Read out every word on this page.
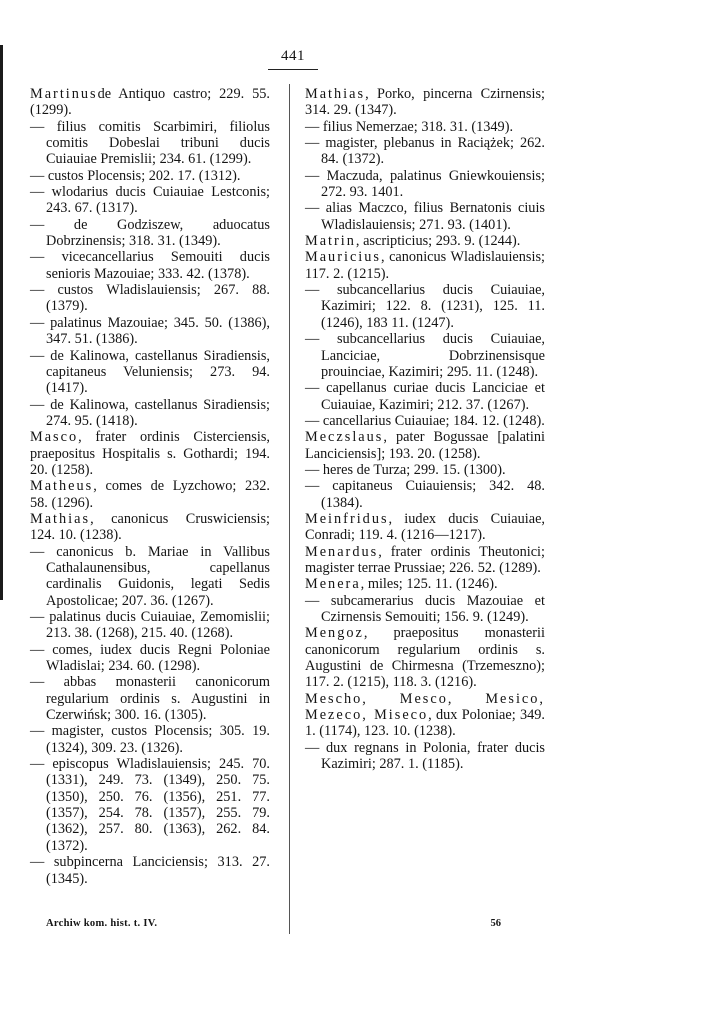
441
Martinusde Antiquo castro; 229. 55. (1299).
— filius comitis Scarbimiri, filiolus comitis Dobeslai tribuni ducis Cuiauiae Premislii; 234. 61. (1299).
— custos Plocensis; 202. 17. (1312).
— wlodarius ducis Cuiauiae Lestconis; 243. 67. (1317).
— de Godziszew, aduocatus Dobrzinensis; 318. 31. (1349).
— vicecancellarius Semouiti ducis senioris Mazouiae; 333. 42. (1378).
— custos Wladislauiensis; 267. 88. (1379).
— palatinus Mazouiae; 345. 50. (1386), 347. 51. (1386).
— de Kalinowa, castellanus Siradiensis, capitaneus Veluniensis; 273. 94. (1417).
— de Kalinowa, castellanus Siradiensis; 274. 95. (1418).
Masco, frater ordinis Cisterciensis, praepositus Hospitalis s. Gothardi; 194. 20. (1258).
Matheus, comes de Lyzchowo; 232. 58. (1296).
Mathias, canonicus Cruswiciensis; 124. 10. (1238).
— canonicus b. Mariae in Vallibus Cathalaunensibus, capellanus cardinalis Guidonis, legati Sedis Apostolicae; 207. 36. (1267).
— palatinus ducis Cuiauiae, Zemomislii; 213. 38. (1268), 215. 40. (1268).
— comes, iudex ducis Regni Poloniae Wladislai; 234. 60. (1298).
— abbas monasterii canonicorum regularium ordinis s. Augustini in Czerwińsk; 300. 16. (1305).
— magister, custos Plocensis; 305. 19. (1324), 309. 23. (1326).
— episcopus Wladislauiensis; 245. 70. (1331), 249. 73. (1349), 250. 75. (1350), 250. 76. (1356), 251. 77. (1357), 254. 78. (1357), 255. 79. (1362), 257. 80. (1363), 262. 84. (1372).
— subpincerna Lanciciensis; 313. 27. (1345).
Mathias, Porko, pincerna Czirnensis; 314. 29. (1347).
— filius Nemerzae; 318. 31. (1349).
— magister, plebanus in Raciążek; 262. 84. (1372).
— Maczuda, palatinus Gniewkouiensis; 272. 93. 1401.
— alias Maczco, filius Bernatonis ciuis Wladislauiensis; 271. 93. (1401).
Matrin, ascripticius; 293. 9. (1244).
Mauricius, canonicus Wladislauiensis; 117. 2. (1215).
— subcancellarius ducis Cuiauiae, Kazimiri; 122. 8. (1231), 125. 11. (1246), 183 11. (1247).
— subcancellarius ducis Cuiauiae, Lanciciae, Dobrzinensisque prouinciae, Kazimiri; 295. 11. (1248).
— capellanus curiae ducis Lanciciae et Cuiauiae, Kazimiri; 212. 37. (1267).
— cancellarius Cuiauiae; 184. 12. (1248).
Meczslaus, pater Bogussae [palatini Lanciciensis]; 193. 20. (1258).
— heres de Turza; 299. 15. (1300).
— capitaneus Cuiauiensis; 342. 48. (1384).
Meinfridus, iudex ducis Cuiauiae, Conradi; 119. 4. (1216—1217).
Menardus, frater ordinis Theutonici; magister terrae Prussiae; 226. 52. (1289).
Menera, miles; 125. 11. (1246).
— subcamerarius ducis Mazouiae et Czirnensis Semouiti; 156. 9. (1249).
Mengoz, praepositus monasterii canonicorum regularium ordinis s. Augustini de Chirmesna (Trzemeszno); 117. 2. (1215), 118. 3. (1216).
Mescho, Mesco, Mesico, Mezeco, Miseco, dux Poloniae; 349. 1. (1174), 123. 10. (1238).
— dux regnans in Polonia, frater ducis Kazimiri; 287. 1. (1185).
Archiw kom. hist. t. IV.	56
